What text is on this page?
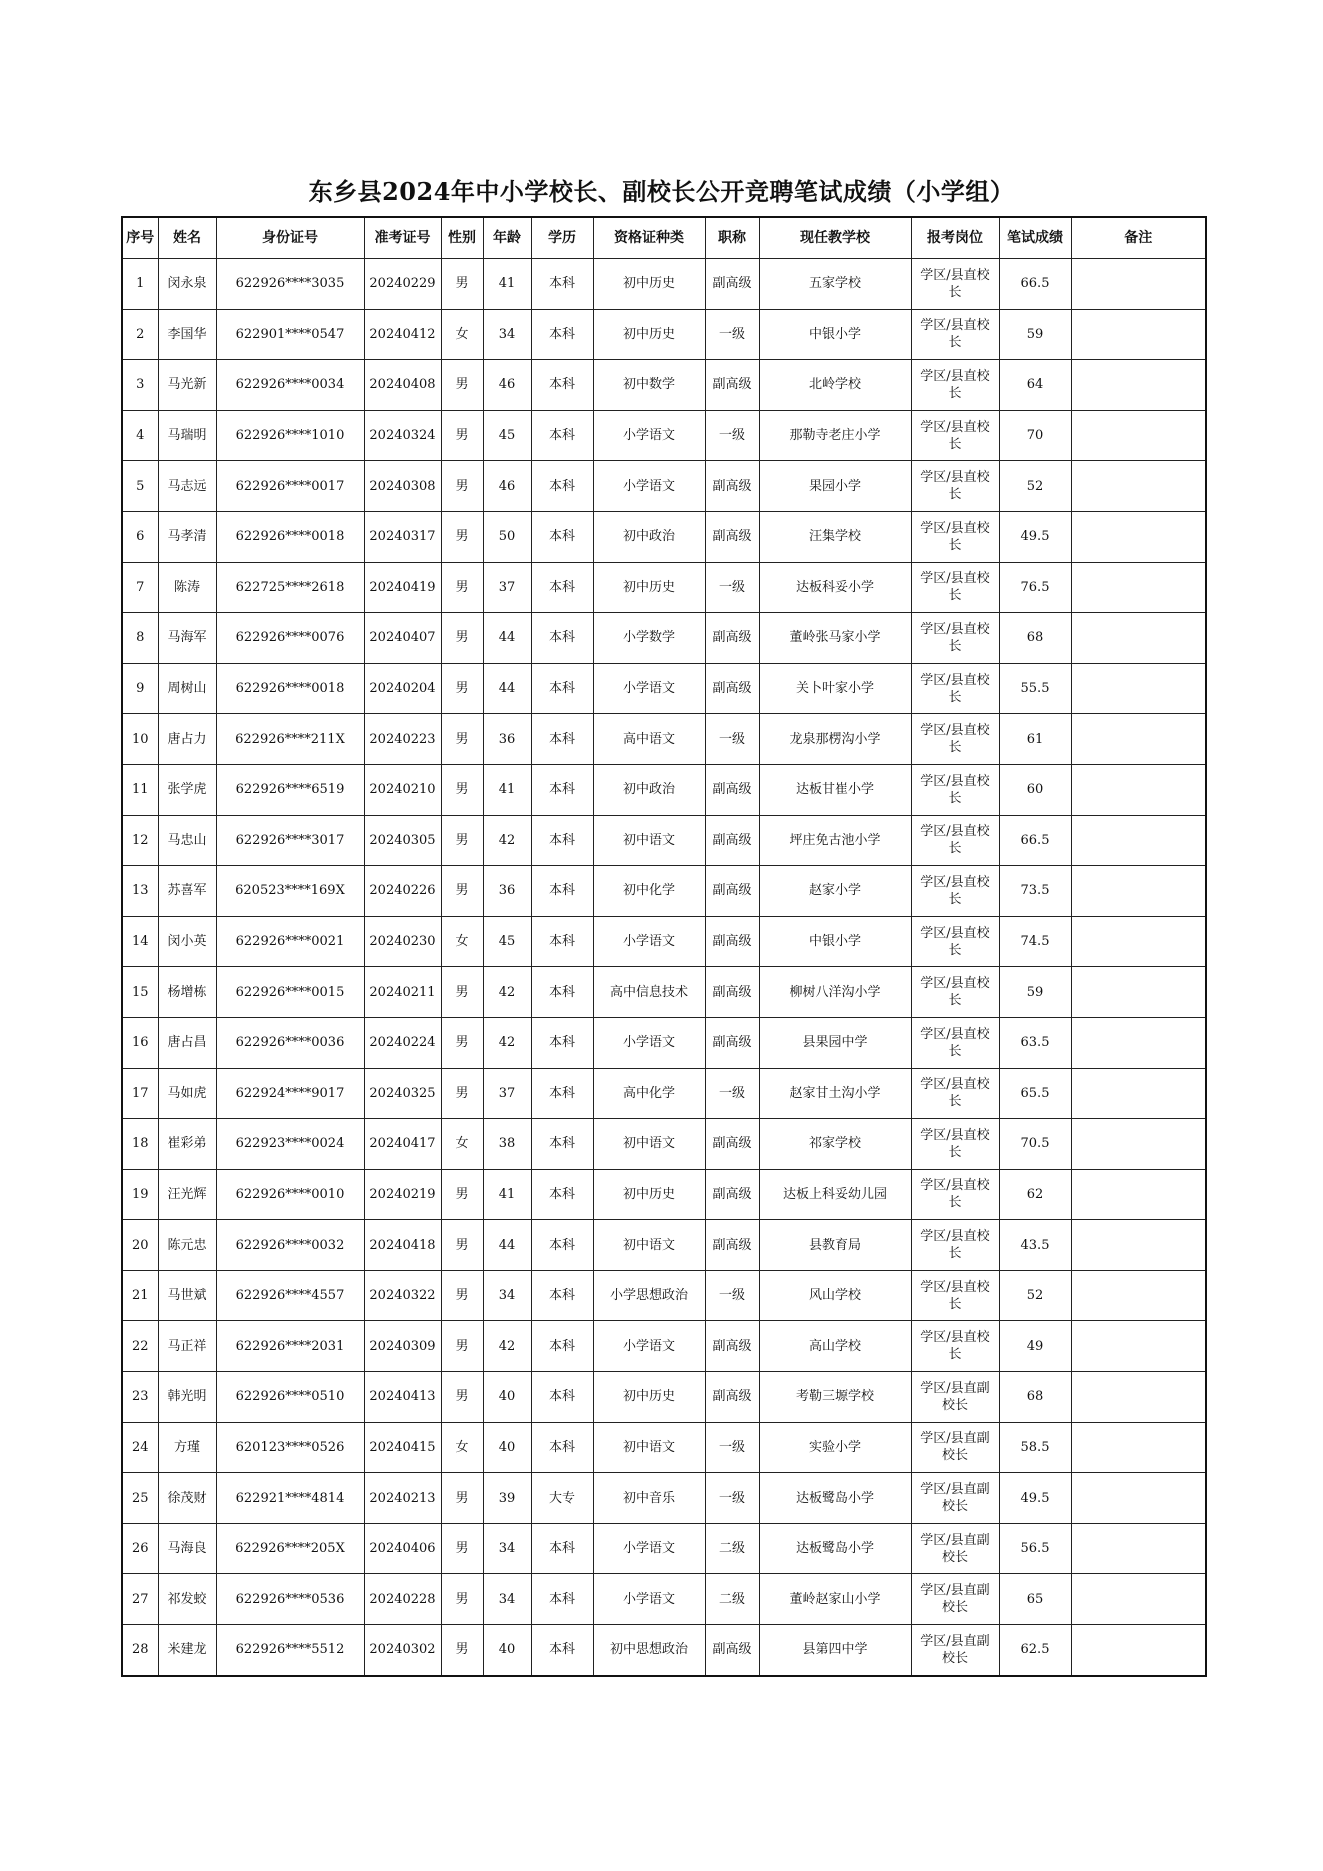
东乡县2024年中小学校长、副校长公开竞聘笔试成绩（小学组）
序号	姓名	身份证号	准考证号	性别	年龄	学历	资格证种类	职称	现任教学校	报考岗位	笔试成绩	备注
1	闵永泉	622926****3035	20240229	男	41	本科	初中历史	副高级	五家学校	学区/县直校长	66.5	
2	李国华	622901****0547	20240412	女	34	本科	初中历史	一级	中银小学	学区/县直校长	59	
3	马光新	622926****0034	20240408	男	46	本科	初中数学	副高级	北岭学校	学区/县直校长	64	
4	马瑞明	622926****1010	20240324	男	45	本科	小学语文	一级	那勒寺老庄小学	学区/县直校长	70	
5	马志远	622926****0017	20240308	男	46	本科	小学语文	副高级	果园小学	学区/县直校长	52	
6	马孝清	622926****0018	20240317	男	50	本科	初中政治	副高级	汪集学校	学区/县直校长	49.5	
7	陈涛	622725****2618	20240419	男	37	本科	初中历史	一级	达板科妥小学	学区/县直校长	76.5	
8	马海军	622926****0076	20240407	男	44	本科	小学数学	副高级	董岭张马家小学	学区/县直校长	68	
9	周树山	622926****0018	20240204	男	44	本科	小学语文	副高级	关卜叶家小学	学区/县直校长	55.5	
10	唐占力	622926****211X	20240223	男	36	本科	高中语文	一级	龙泉那楞沟小学	学区/县直校长	61	
11	张学虎	622926****6519	20240210	男	41	本科	初中政治	副高级	达板甘崔小学	学区/县直校长	60	
12	马忠山	622926****3017	20240305	男	42	本科	初中语文	副高级	坪庄免古池小学	学区/县直校长	66.5	
13	苏喜军	620523****169X	20240226	男	36	本科	初中化学	副高级	赵家小学	学区/县直校长	73.5	
14	闵小英	622926****0021	20240230	女	45	本科	小学语文	副高级	中银小学	学区/县直校长	74.5	
15	杨增栋	622926****0015	20240211	男	42	本科	高中信息技术	副高级	柳树八洋沟小学	学区/县直校长	59	
16	唐占昌	622926****0036	20240224	男	42	本科	小学语文	副高级	县果园中学	学区/县直校长	63.5	
17	马如虎	622924****9017	20240325	男	37	本科	高中化学	一级	赵家甘土沟小学	学区/县直校长	65.5	
18	崔彩弟	622923****0024	20240417	女	38	本科	初中语文	副高级	祁家学校	学区/县直校长	70.5	
19	汪光辉	622926****0010	20240219	男	41	本科	初中历史	副高级	达板上科妥幼儿园	学区/县直校长	62	
20	陈元忠	622926****0032	20240418	男	44	本科	初中语文	副高级	县教育局	学区/县直校长	43.5	
21	马世斌	622926****4557	20240322	男	34	本科	小学思想政治	一级	风山学校	学区/县直校长	52	
22	马正祥	622926****2031	20240309	男	42	本科	小学语文	副高级	高山学校	学区/县直校长	49	
23	韩光明	622926****0510	20240413	男	40	本科	初中历史	副高级	考勒三塬学校	学区/县直副校长	68	
24	方瑾	620123****0526	20240415	女	40	本科	初中语文	一级	实验小学	学区/县直副校长	58.5	
25	徐茂财	622921****4814	20240213	男	39	大专	初中音乐	一级	达板鹭岛小学	学区/县直副校长	49.5	
26	马海良	622926****205X	20240406	男	34	本科	小学语文	二级	达板鹭岛小学	学区/县直副校长	56.5	
27	祁发蛟	622926****0536	20240228	男	34	本科	小学语文	二级	董岭赵家山小学	学区/县直副校长	65	
28	米建龙	622926****5512	20240302	男	40	本科	初中思想政治	副高级	县第四中学	学区/县直副校长	62.5	
